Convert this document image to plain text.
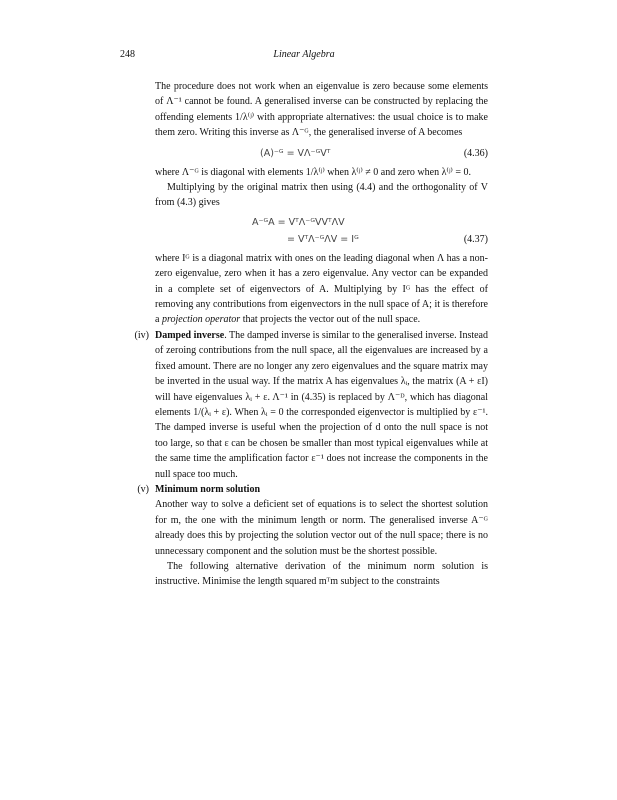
248	Linear Algebra

The procedure does not work when an eigenvalue is zero because some elements of Λ⁻¹ cannot be found. A generalised inverse can be constructed by replacing the offending elements 1/λ⁽ʲ⁾ with appropriate alternatives: the usual choice is to make them zero. Writing this inverse as Λ⁻ᴳ, the generalised inverse of A becomes

(A)⁻ᴳ = VΛ⁻ᴳVᵀ	(4.36)

where Λ⁻ᴳ is diagonal with elements 1/λ⁽ʲ⁾ when λ⁽ʲ⁾ ≠ 0 and zero when λ⁽ʲ⁾ = 0.

Multiplying by the original matrix then using (4.4) and the orthogonality of V from (4.3) gives

A⁻ᴳA = VᵀΛ⁻ᴳVVᵀΛV
= VᵀΛ⁻ᴳΛV = Iᴳ	(4.37)

where Iᴳ is a diagonal matrix with ones on the leading diagonal when Λ has a non-zero eigenvalue, zero when it has a zero eigenvalue. Any vector can be expanded in a complete set of eigenvectors of A. Multiplying by Iᴳ has the effect of removing any contributions from eigenvectors in the null space of A; it is therefore a projection operator that projects the vector out of the null space.

(iv) Damped inverse. The damped inverse is similar to the generalised inverse. Instead of zeroing contributions from the null space, all the eigenvalues are increased by a fixed amount. There are no longer any zero eigenvalues and the square matrix may be inverted in the usual way. If the matrix A has eigenvalues λᵢ, the matrix (A + εI) will have eigenvalues λᵢ + ε. Λ⁻¹ in (4.35) is replaced by Λ⁻ᴰ, which has diagonal elements 1/(λᵢ + ε). When λᵢ = 0 the corresponded eigenvector is multiplied by ε⁻¹. The damped inverse is useful when the projection of d onto the null space is not too large, so that ε can be chosen be smaller than most typical eigenvalues while at the same time the amplification factor ε⁻¹ does not increase the components in the null space too much.

(v) Minimum norm solution

Another way to solve a deficient set of equations is to select the shortest solution for m, the one with the minimum length or norm. The generalised inverse A⁻ᴳ already does this by projecting the solution vector out of the null space; there is no unnecessary component and the solution must be the shortest possible.

The following alternative derivation of the minimum norm solution is instructive. Minimise the length squared mᵀm subject to the constraints
